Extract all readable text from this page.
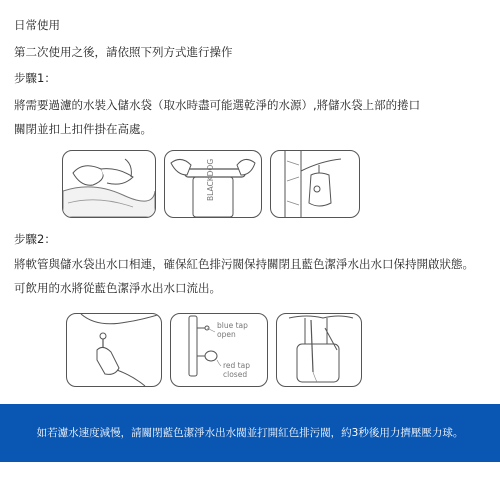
日常使用
第二次使用之後，請依照下列方式進行操作
步驟1：
將需要過濾的水裝入儲水袋（取水時盡可能選乾淨的水源）,將儲水袋上部的捲口
關閉並扣上扣件掛在高處。
BLACKDOG
步驟2：
將軟管與儲水袋出水口相連，確保紅色排污閥保持關閉且藍色潔淨水出水口保持開啟狀態。
可飲用的水將從藍色潔淨水出水口流出。
blue tap
open
red tap
closed
如若濾水速度減慢，請關閉藍色潔淨水出水閥並打開紅色排污閥，約3秒後用力擠壓壓力球。
